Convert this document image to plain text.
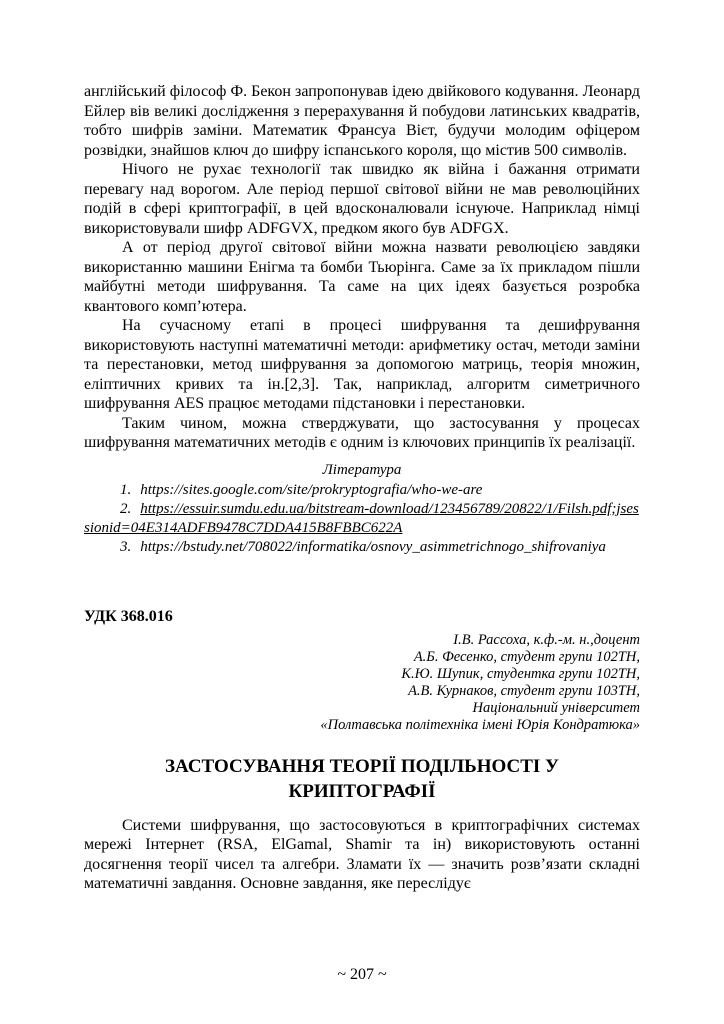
англійський філософ Ф. Бекон запропонував ідею двійкового кодування. Леонард Ейлер вів великі дослідження з перерахування й побудови латинських квадратів, тобто шифрів заміни. Математик Франсуа Вієт, будучи молодим офіцером розвідки, знайшов ключ до шифру іспанського короля, що містив 500 символів.

Нічого не рухає технології так швидко як війна і бажання отримати перевагу над ворогом. Але період першої світової війни не мав революційних подій в сфері криптографії, в цей вдосконалювали існуюче. Наприклад німці використовували шифр ADFGVX, предком якого був ADFGX.

А от період другої світової війни можна назвати революцією завдяки використанню машини Енігма та бомби Тьюрінга. Саме за їх прикладом пішли майбутні методи шифрування. Та саме на цих ідеях базується розробка квантового комп’ютера.

На сучасному етапі в процесі шифрування та дешифрування використовують наступні математичні методи: арифметику остач, методи заміни та перестановки, метод шифрування за допомогою матриць, теорія множин, еліптичних кривих та ін.[2,3]. Так, наприклад, алгоритм симетричного шифрування AES працює методами підстановки і перестановки.

Таким чином, можна стверджувати, що застосування у процесах шифрування математичних методів є одним із ключових принципів їх реалізації.

Література

1. https://sites.google.com/site/prokryptografia/who-we-are

2. https://essuir.sumdu.edu.ua/bitstream-download/123456789/20822/1/Filsh.pdf;jsessionid=04E314ADFB9478C7DDA415B8FBBC622A

3. https://bstudy.net/708022/informatika/osnovy_asimmetrichnogo_shifrovaniya

УДК 368.016

І.В. Рассоха, к.ф.-м. н.,доцент
А.Б. Фесенко, студент групи 102ТН,
К.Ю. Шупик, студентка групи 102ТН,
А.В. Курнаков, студент групи 103ТН,
Національний університет
«Полтавська політехніка імені Юрія Кондратюка»
ЗАСТОСУВАННЯ ТЕОРІЇ ПОДІЛЬНОСТІ У КРИПТОГРАФІЇ

Системи шифрування, що застосовуються в криптографічних системах мережі Інтернет (RSA, ElGamal, Shamir та ін) використовують останні досягнення теорії чисел та алгебри. Зламати їх — значить розв’язати складні математичні завдання. Основне завдання, яке переслідує

~ 207 ~
